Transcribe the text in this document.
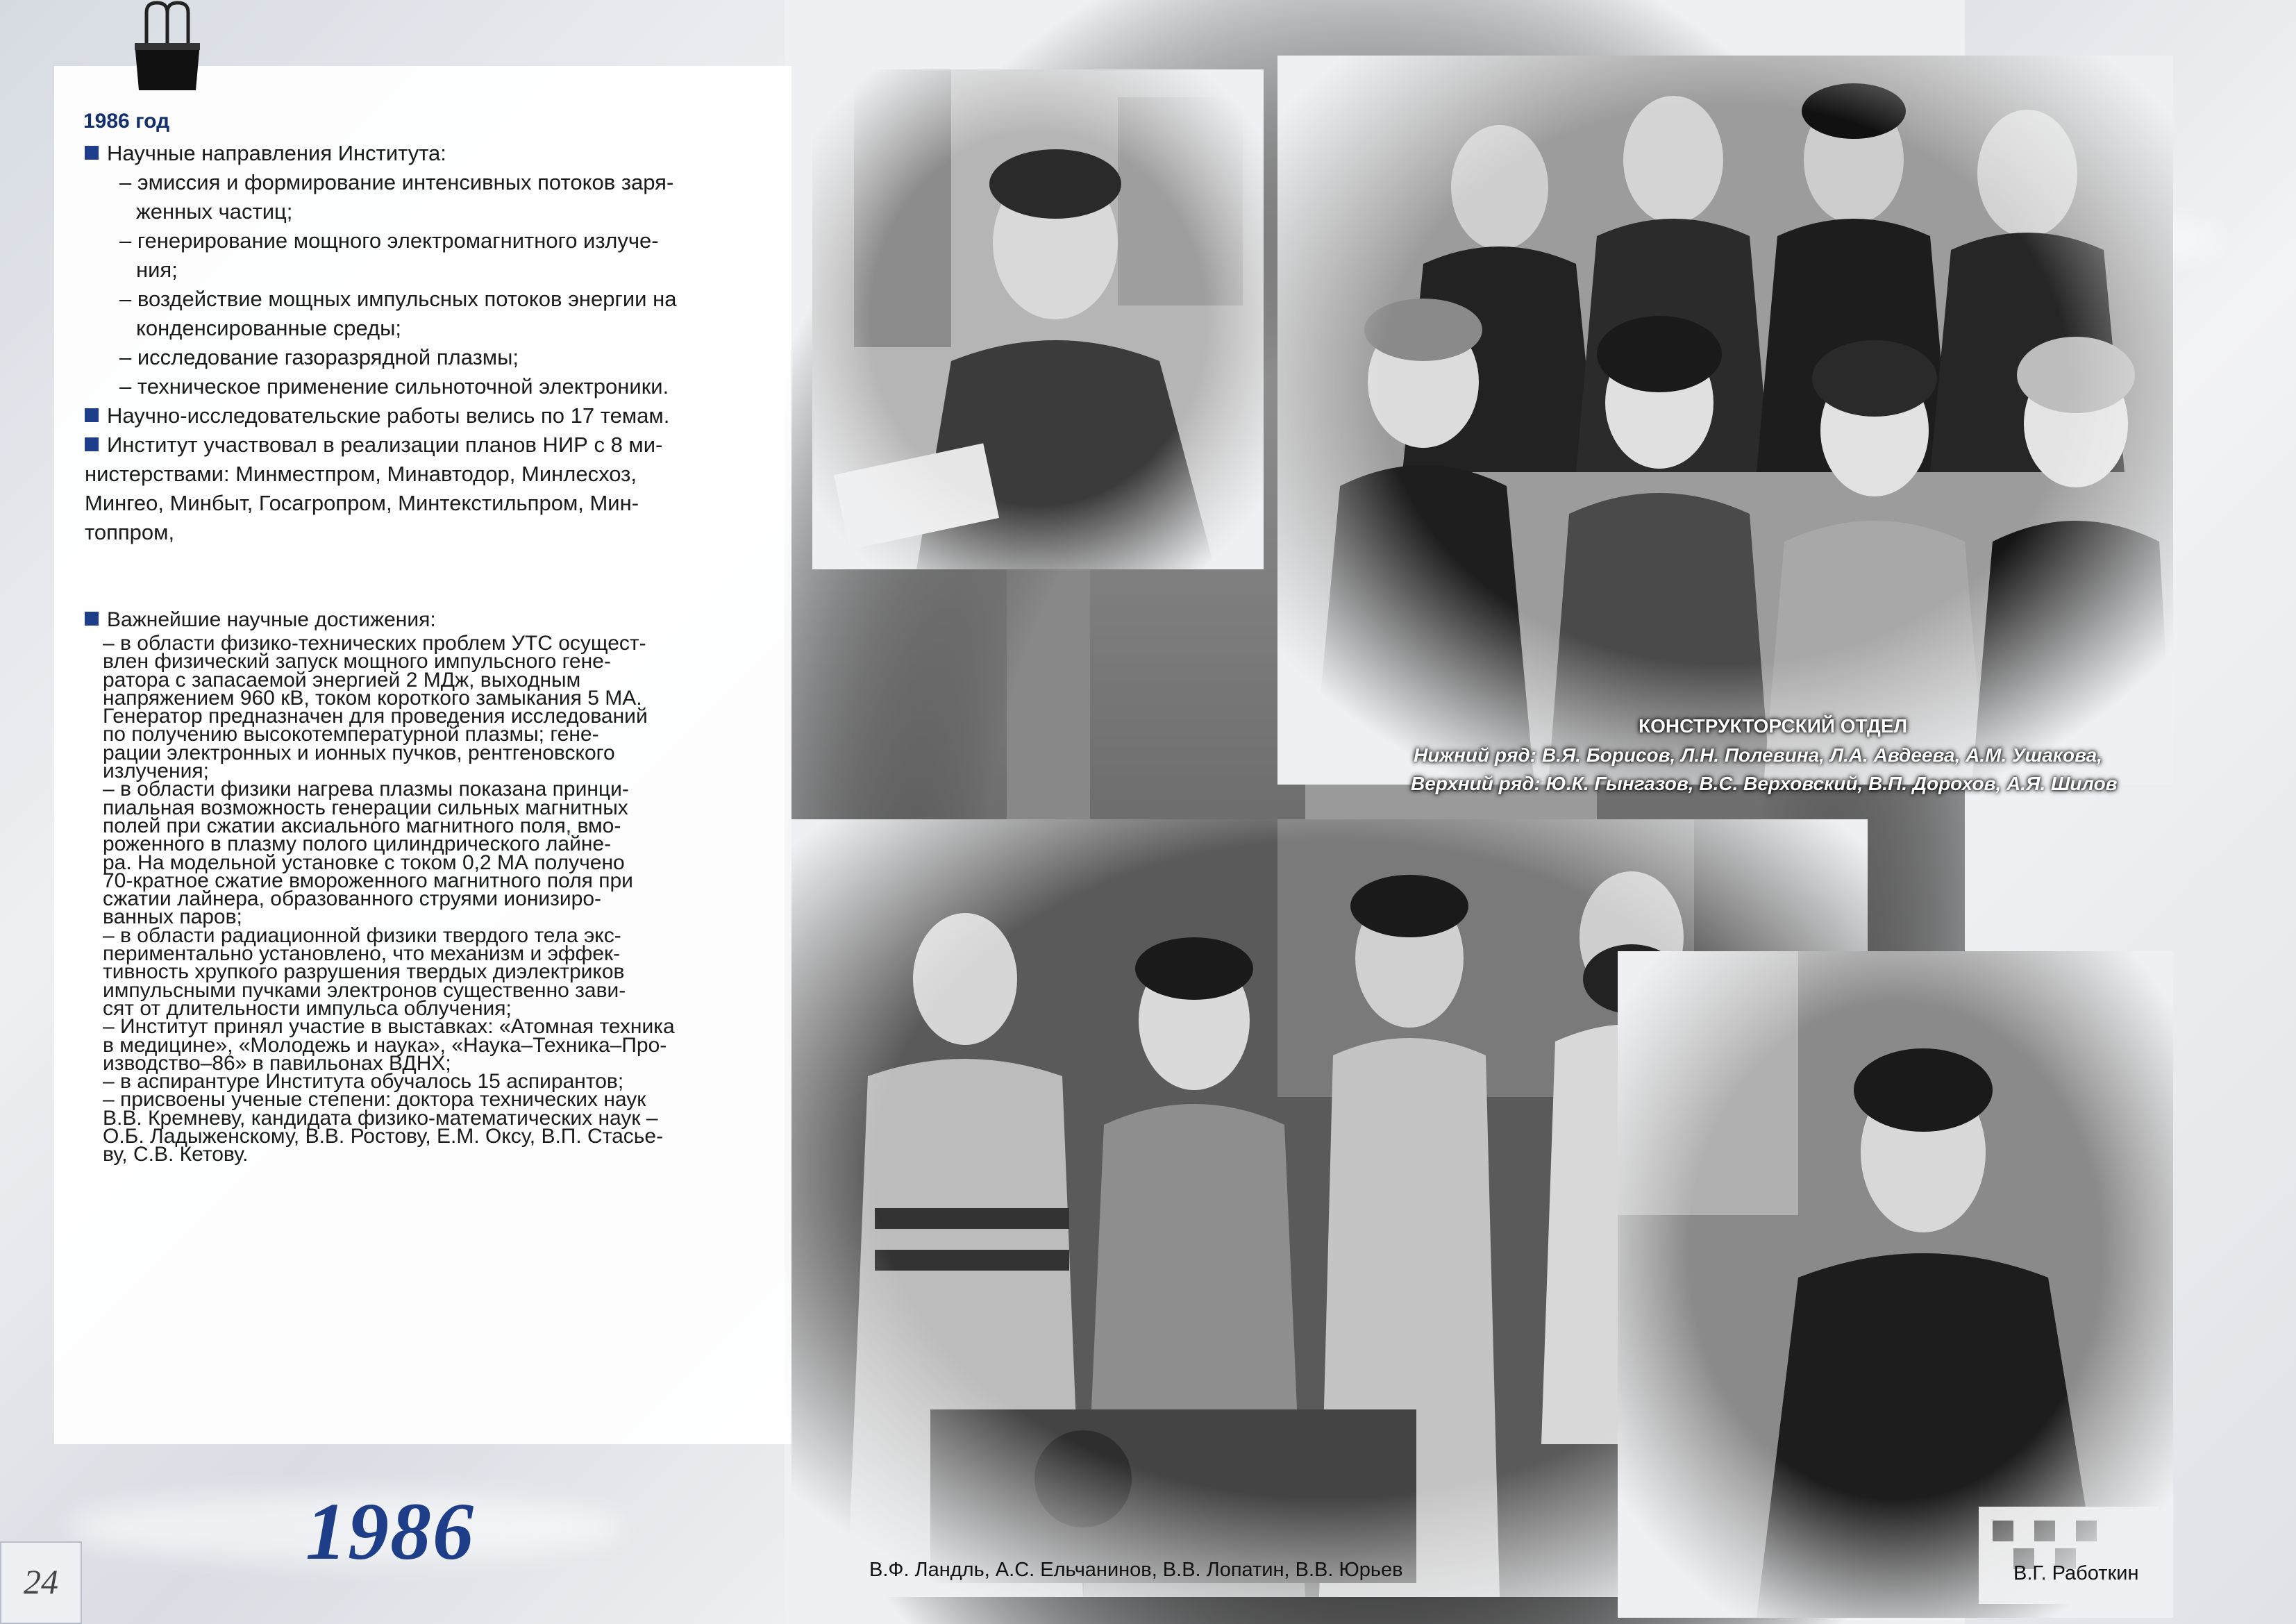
1986 год
Научные направления Института:
– эмиссия и формирование интенсивных потоков заря-
женных частиц;
– генерирование мощного электромагнитного излуче-
ния;
– воздействие мощных импульсных потоков энергии на
конденсированные среды;
– исследование газоразрядной плазмы;
– техническое применение сильноточной электроники.
Научно-исследовательские работы велись по 17 темам.
Институт участвовал в реализации планов НИР с 8 ми-
нистерствами: Минместпром, Минавтодор, Минлесхоз,
Мингео, Минбыт, Госагропром, Минтекстильпром, Мин-
топпром,
Важнейшие научные достижения:
– в области физико-технических проблем УТС осущест-
влен физический запуск мощного импульсного гене-
ратора с запасаемой энергией 2 МДж, выходным
напряжением 960 кВ, током короткого замыкания 5 МА.
Генератор предназначен для проведения исследований
по получению высокотемпературной плазмы; генe-
рации электронных и ионных пучков, рентгеновского
излучения;
– в области физики нагрева плазмы показана принци-
пиальная возможность генерации сильных магнитных
полей при сжатии аксиального магнитного поля, вмо-
роженного в плазму полого цилиндрического лайне-
ра. На модельной установке с током 0,2 МА получено
70-кратное сжатие вмороженного магнитного поля при
сжатии лайнера, образованного струями ионизиро-
ванных паров;
– в области радиационной физики твердого тела экс-
периментально установлено, что механизм и эффек-
тивность хрупкого разрушения твердых диэлектриков
импульсными пучками электронов существенно зави-
сят от длительности импульса облучения;
– Институт принял участие в выставках: «Атомная техника
в медицине», «Молодежь и наука», «Наука–Техника–Про-
изводство–86» в павильонах ВДНХ;
– в аспирантуре Института обучалось 15 аспирантов;
– присвоены ученые степени: доктора технических наук
В.В. Кремневу, кандидата физико-математических наук –
О.Б. Ладыженскому, В.В. Ростову, Е.М. Оксу, В.П. Стасье-
ву, С.В. Кетову.
КОНСТРУКТОРСКИЙ ОТДЕЛ
Нижний ряд: В.Я. Борисов, Л.Н. Полевина, Л.А. Авдеева, А.М. Ушакова,
Верхний ряд: Ю.К. Гынгазов, В.С. Верховский, В.П. Дорохов, А.Я. Шилов
В.Ф. Ландль, А.С. Ельчанинов, В.В. Лопатин, В.В. Юрьев	В.Г. Работкин
1986
24
